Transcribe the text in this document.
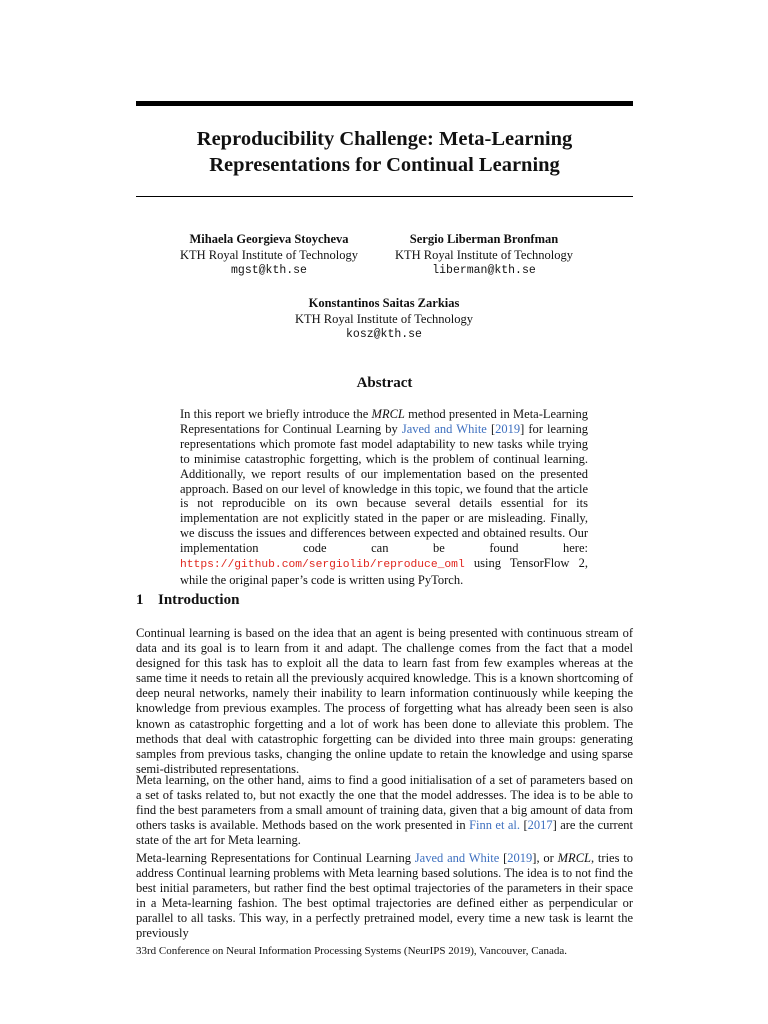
Reproducibility Challenge: Meta-Learning Representations for Continual Learning
Mihaela Georgieva Stoycheva
KTH Royal Institute of Technology
mgst@kth.se
Sergio Liberman Bronfman
KTH Royal Institute of Technology
liberman@kth.se
Konstantinos Saitas Zarkias
KTH Royal Institute of Technology
kosz@kth.se
Abstract
In this report we briefly introduce the MRCL method presented in Meta-Learning Representations for Continual Learning by Javed and White [2019] for learning representations which promote fast model adaptability to new tasks while trying to minimise catastrophic forgetting, which is the problem of continual learning. Additionally, we report results of our implementation based on the presented approach. Based on our level of knowledge in this topic, we found that the article is not reproducible on its own because several details essential for its implementation are not explicitly stated in the paper or are misleading. Finally, we discuss the issues and differences between expected and obtained results. Our implementation code can be found here: https://github.com/sergiolib/reproduce_oml using TensorFlow 2, while the original paper’s code is written using PyTorch.
1 Introduction
Continual learning is based on the idea that an agent is being presented with continuous stream of data and its goal is to learn from it and adapt. The challenge comes from the fact that a model designed for this task has to exploit all the data to learn fast from few examples whereas at the same time it needs to retain all the previously acquired knowledge. This is a known shortcoming of deep neural networks, namely their inability to learn information continuously while keeping the knowledge from previous examples. The process of forgetting what has already been seen is also known as catastrophic forgetting and a lot of work has been done to alleviate this problem. The methods that deal with catastrophic forgetting can be divided into three main groups: generating samples from previous tasks, changing the online update to retain the knowledge and using sparse semi-distributed representations.
Meta learning, on the other hand, aims to find a good initialisation of a set of parameters based on a set of tasks related to, but not exactly the one that the model addresses. The idea is to be able to find the best parameters from a small amount of training data, given that a big amount of data from others tasks is available. Methods based on the work presented in Finn et al. [2017] are the current state of the art for Meta learning.
Meta-learning Representations for Continual Learning Javed and White [2019], or MRCL, tries to address Continual learning problems with Meta learning based solutions. The idea is to not find the best initial parameters, but rather find the best optimal trajectories of the parameters in their space in a Meta-learning fashion. The best optimal trajectories are defined either as perpendicular or parallel to all tasks. This way, in a perfectly pretrained model, every time a new task is learnt the previously
33rd Conference on Neural Information Processing Systems (NeurIPS 2019), Vancouver, Canada.
